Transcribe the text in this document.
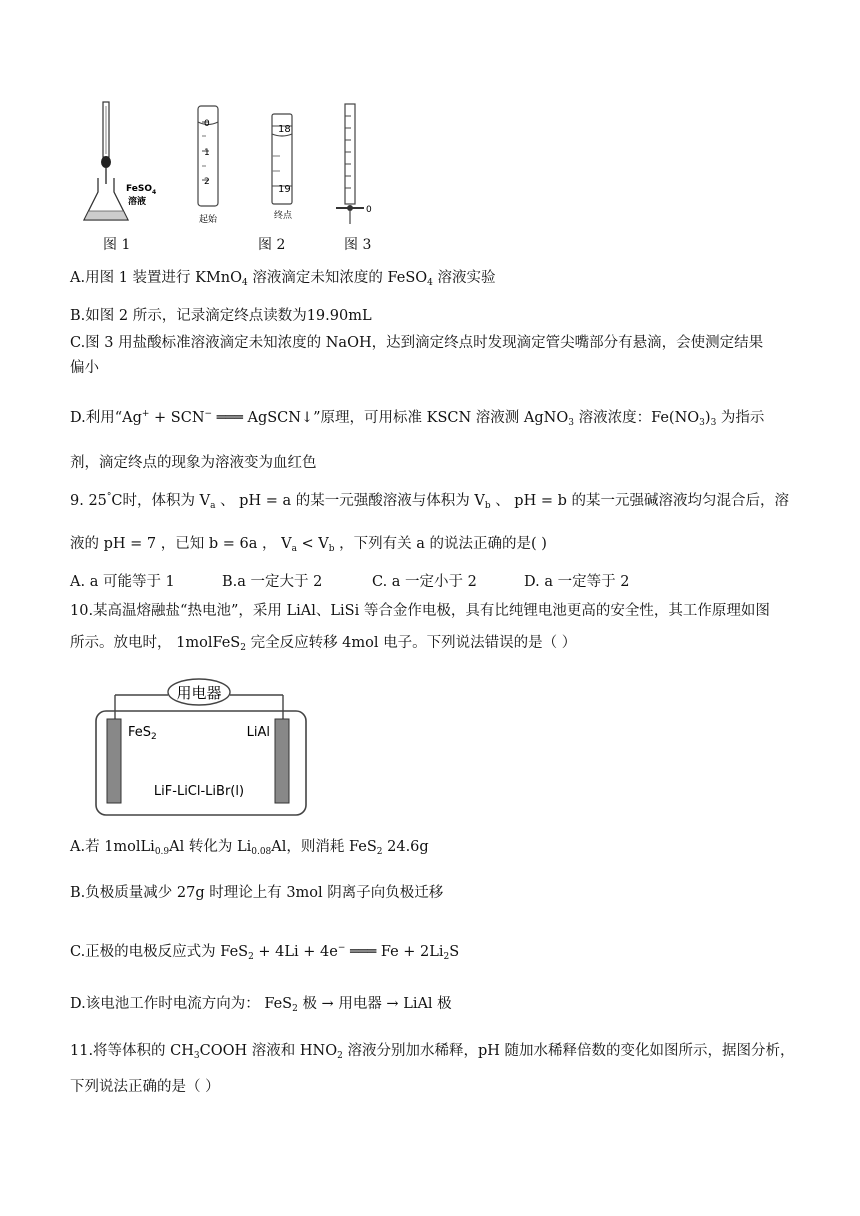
FeSO$_4$
溶液
0
1
2
起始
18
19
终点
0
图 1	图 2	图 3
A.用图 1 装置进行 KMnO$_4$ 溶液滴定未知浓度的 FeSO$_4$ 溶液实验
B.如图 2 所示，记录滴定终点读数为19.90mL
C.图 3 用盐酸标准溶液滴定未知浓度的 NaOH，达到滴定终点时发现滴定管尖嘴部分有悬滴，会使测定结果
偏小
D.利用“Ag+ + SCN− ═══ AgSCN↓”原理，可用标准 KSCN 溶液测 AgNO$_3$ 溶液浓度：$Fe(NO_3)_3$ 为指示
剂，滴定终点的现象为溶液变为血红色
9. 25°C时，体积为 $V_a$ 、 pH = a 的某一元强酸溶液与体积为 $V_b$ 、 pH = b 的某一元强碱溶液均匀混合后，溶
液的 pH = 7 ，已知 b = 6a ， $V_a < V_b$ ，下列有关 a 的说法正确的是( )
A. a 可能等于 1	B.a 一定大于 2	C. a 一定小于 2	D. a 一定等于 2
10.某高温熔融盐“热电池”，采用 LiAl、LiSi 等合金作电极，具有比纯锂电池更高的安全性，其工作原理如图
所示。放电时， 1molFeS$_2$ 完全反应转移 4mol 电子。下列说法错误的是（ ）
用电器
FeS$_2$	LiAl
LiF-LiCl-LiBr(l)
A.若 1molLi$_{0.9}$Al 转化为 $Li_{0.08}Al$，则消耗 FeS$_2$ 24.6g
B.负极质量减少 27g 时理论上有 3mol 阴离子向负极迁移
C.正极的电极反应式为 FeS$_2$ + 4Li + 4e− ═══ $Fe + 2Li_2S$
D.该电池工作时电流方向为： FeS$_2$ 极 → 用电器 → LiAl 极
11.将等体积的 $CH_3COOH$ 溶液和 $HNO_2$ 溶液分别加水稀释，pH 随加水稀释倍数的变化如图所示，据图分析，
下列说法正确的是（ ）
